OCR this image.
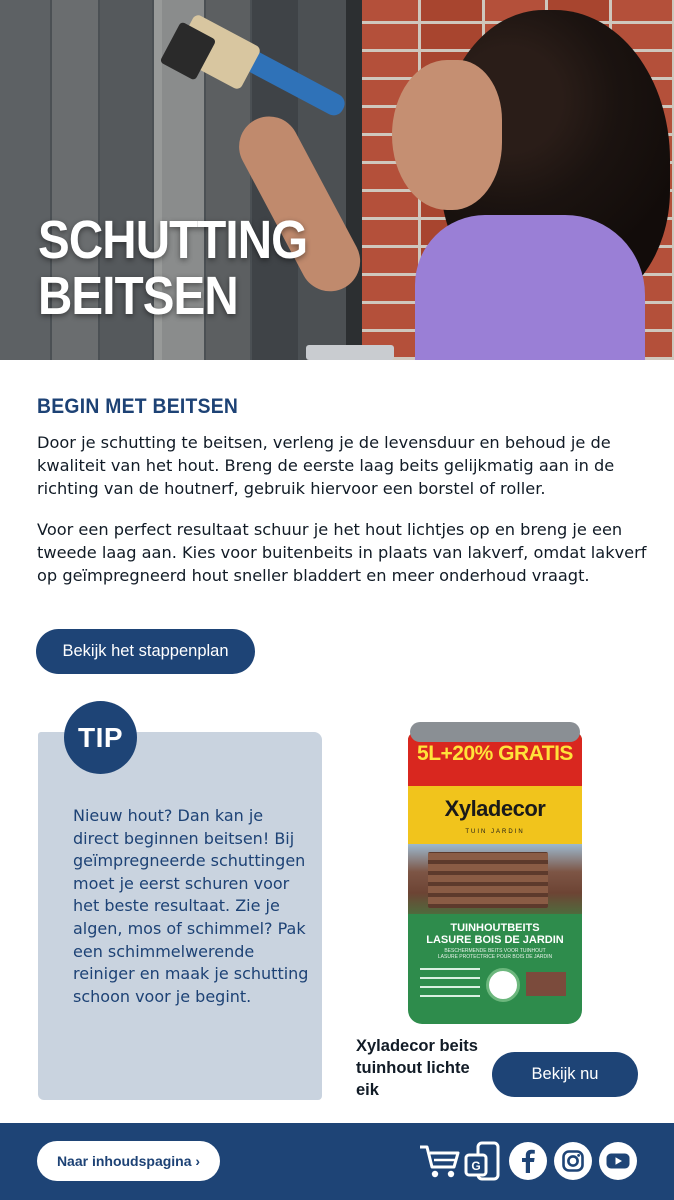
SCHUTTING
BEITSEN
BEGIN MET BEITSEN

Door je schutting te beitsen, verleng je de levensduur en behoud je de kwaliteit van het hout. Breng de eerste laag beits gelijkmatig aan in de richting van de houtnerf, gebruik hiervoor een borstel of roller.

Voor een perfect resultaat schuur je het hout lichtjes op en breng je een tweede laag aan. Kies voor buitenbeits in plaats van lakverf, omdat lakverf op geïmpregneerd hout sneller bladdert en meer onderhoud vraagt.

Bekijk het stappenplan
TIP

Nieuw hout? Dan kan je direct beginnen beitsen! Bij geïmpregneerde schuttingen moet je eerst schuren voor het beste resultaat. Zie je algen, mos of schimmel? Pak een schimmelwerende reiniger en maak je schutting schoon voor je begint.

5L+20% GRATIS
Xyladecor
TUIN JARDIN
TUINHOUTBEITS
LASURE BOIS DE JARDIN
BESCHERMENDE BEITS VOOR TUINHOUT
LASURE PROTECTRICE POUR BOIS DE JARDIN
Xyladecor beits tuinhout lichte eik
Bekijk nu
Naar inhoudspagina ›	G
